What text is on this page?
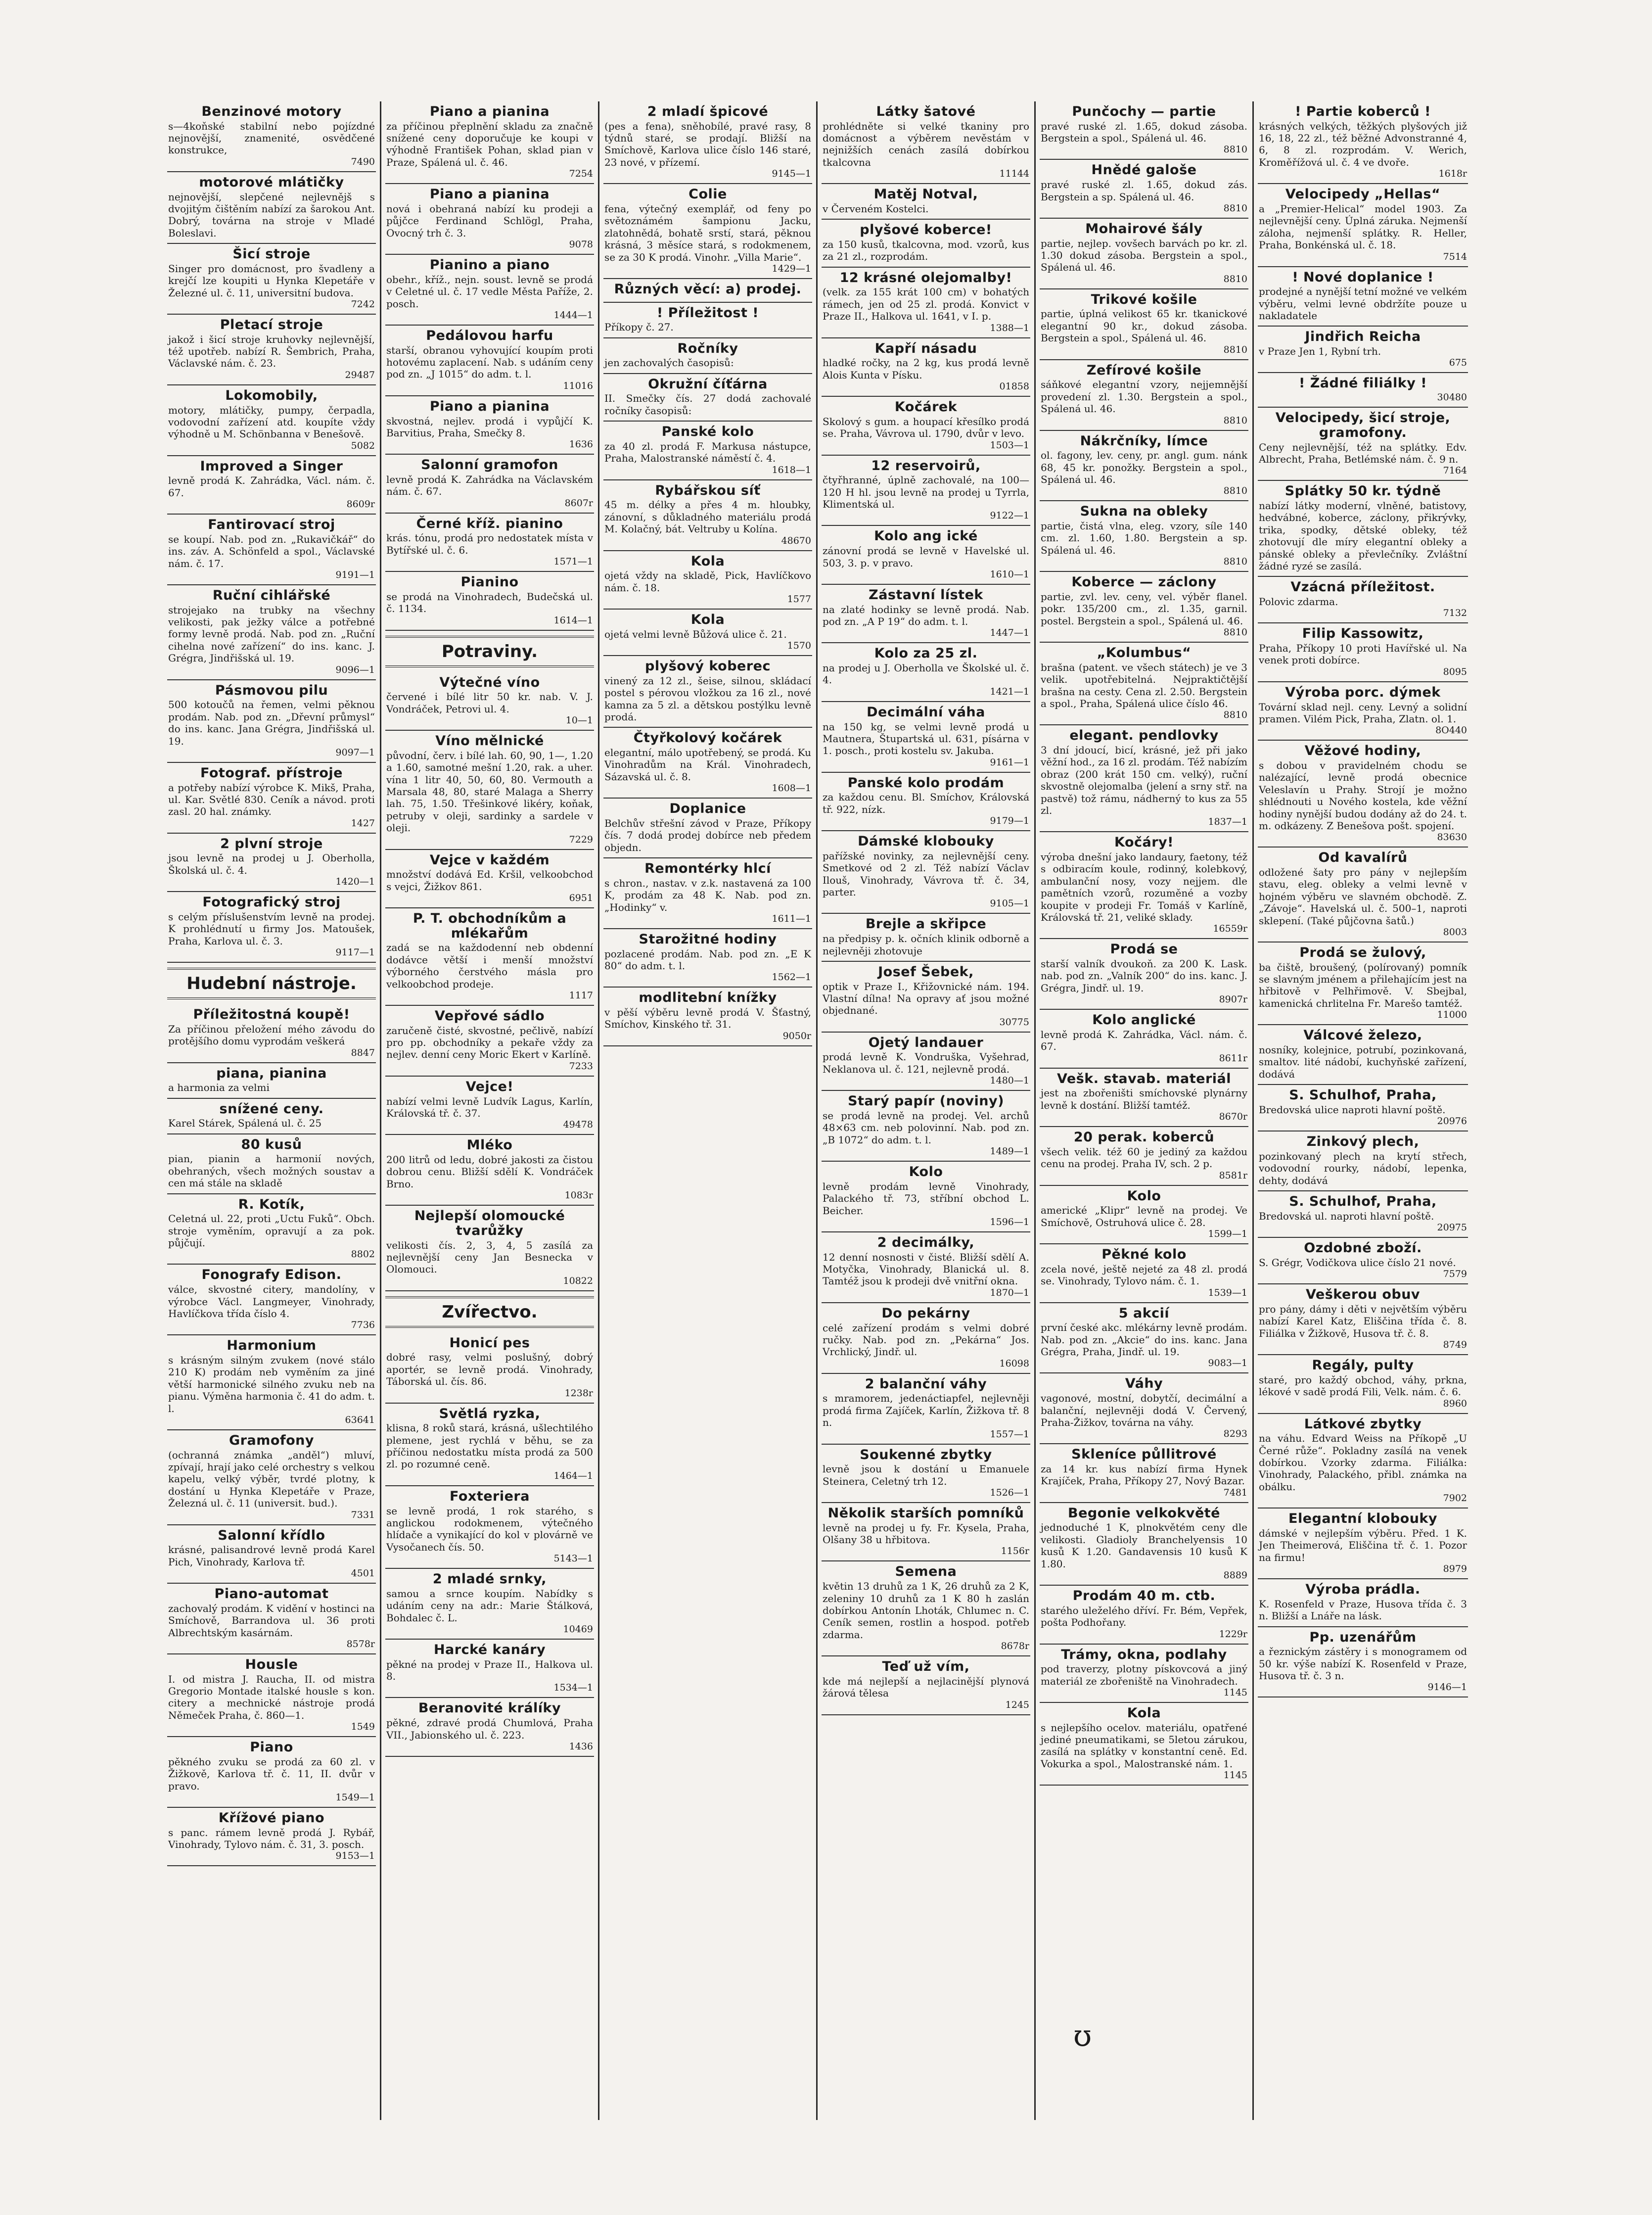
Benzinové motory

s—4koňské stabilní nebo pojízdné nejnovější, znamenité, osvědčené konstrukce,

7490
motorové mlátičky

nejnovější, slepčené nejlevnějš s dvojitým čištěním nabízí za šarokou Ant. Dobrý, továrna na stroje v Mladé Boleslavi.

Šicí stroje

Singer pro domácnost, pro švadleny a krejčí lze koupiti u Hynka Klepetáře v Železné ul. č. 11, universitní budova.

7242
Pletací stroje

jakož i šicí stroje kruhovky nejlevnější, též upotřeb. nabízí R. Šembrich, Praha, Václavské nám. č. 23.

29487
Lokomobily,

motory, mlátičky, pumpy, čerpadla, vodovodní zařízení atd. koupíte vždy výhodně u M. Schönbanna v Benešově.

5082
Improved a Singer

levně prodá K. Zahrádka, Václ. nám. č. 67.

8609r
Fantirovací stroj

se koupí. Nab. pod zn. „Rukavičkář“ do ins. záv. A. Schönfeld a spol., Václavské nám. č. 17.

9191—1
Ruční cihlářské

strojejako na trubky na všechny velikosti, pak ježky válce a potřebné formy levně prodá. Nab. pod zn. „Ruční cihelna nové zařízení“ do ins. kanc. J. Grégra, Jindřišská ul. 19.

9096—1
Pásmovou pilu

500 kotoučů na řemen, velmi pěknou prodám. Nab. pod zn. „Dřevní průmysl“ do ins. kanc. Jana Grégra, Jindřišská ul. 19.

9097—1
Fotograf. přístroje

a potřeby nabízí výrobce K. Mikš, Praha, ul. Kar. Světlé 830. Ceník a návod. proti zasl. 20 hal. známky.

1427
2 plvní stroje

jsou levně na prodej u J. Oberholla, Školská ul. č. 4.

1420—1
Fotografický stroj

s celým příslušenstvím levně na prodej. K prohlédnutí u firmy Jos. Matoušek, Praha, Karlova ul. č. 3.

9117—1
Hudební nástroje.
Příležitostná koupě!

Za příčinou přeložení mého závodu do protějšího domu vyprodám veškerá

8847
piana, pianina

a harmonia za velmi

snížené ceny.

Karel Stárek, Spálená ul. č. 25

80 kusů

pian, pianin a harmonií nových, obehraných, všech možných soustav a cen má stále na skladě

R. Kotík,

Celetná ul. 22, proti „Uctu Fuků“. Obch. stroje vyměním, opravují a za pok. půjčují.

8802
Fonografy Edison.

válce, skvostné citery, mandolíny, v výrobce Václ. Langmeyer, Vinohrady, Havlíčkova třída číslo 4.

7736
Harmonium

s krásným silným zvukem (nové stálo 210 K) prodám neb vyměním za jiné větší harmonické silného zvuku neb na pianu. Výměna harmonia č. 41 do adm. t. l.

63641
Gramofony

(ochranná známka „anděl“) mluví, zpívají, hrají jako celé orchestry s velkou kapelu, velký výběr, tvrdé plotny, k dostání u Hynka Klepetáře v Praze, Železná ul. č. 11 (universit. bud.).

7331
Salonní křídlo

krásné, palisandrové levně prodá Karel Pich, Vinohrady, Karlova tř.

4501
Piano-automat

zachovalý prodám. K vidění v hostinci na Smíchově, Barrandova ul. 36 proti Albrechtským kasárnám.

8578r
Housle

I. od mistra J. Raucha, II. od mistra Gregorio Montade italské housle s kon. citery a mechnické nástroje prodá Němeček Praha, č. 860—1.

1549
Piano

pěkného zvuku se prodá za 60 zl. v Žižkově, Karlova tř. č. 11, II. dvůr v pravo.

1549—1
Křížové piano

s panc. rámem levně prodá J. Rybář, Vinohrady, Tylovo nám. č. 31, 3. posch.

9153—1
Piano a pianina

za příčinou přeplnění skladu za značně snížené ceny doporučuje ke koupi v výhodně František Pohan, sklad pian v Praze, Spálená ul. č. 46.

7254
Piano a pianina

nová i obehraná nabízí ku prodeji a půjčce Ferdinand Schlögl, Praha, Ovocný trh č. 3.

9078
Pianino a piano

obehr., kříž., nejn. soust. levně se prodá v Celetné ul. č. 17 vedle Města Paříže, 2. posch.

1444—1
Pedálovou harfu

starší, obranou vyhovující koupím proti hotovému zaplacení. Nab. s udáním ceny pod zn. „J 1015“ do adm. t. l.

11016
Piano a pianina

skvostná, nejlev. prodá i vypůjčí K. Barvitius, Praha, Smečky 8.

1636
Salonní gramofon

levně prodá K. Zahrádka na Václavském nám. č. 67.

8607r
Černé kříž. pianino

krás. tónu, prodá pro nedostatek místa v Bytířské ul. č. 6.

1571—1
Pianino

se prodá na Vinohradech, Budečská ul. č. 1134.

1614—1
Potraviny.
Výtečné víno

červené i bílé litr 50 kr. nab. V. J. Vondráček, Petrovi ul. 4.

10—1
Víno mělnické

původní, červ. i bílé lah. 60, 90, 1—, 1.20 a 1.60, samotné mešní 1.20, rak. a uher. vína 1 litr 40, 50, 60, 80. Vermouth a Marsala 48, 80, staré Malaga a Sherry lah. 75, 1.50. Třešinkové likéry, koňak, petruby v oleji, sardinky a sardele v oleji.

7229
Vejce v každém

množství dodává Ed. Kršil, velkoobchod s vejci, Žižkov 861.

6951
P. T. obchodníkům a mlékařům

zadá se na každodenní neb obdenní dodávce větší i menší množství výborného čerstvého másla pro velkoobchod prodeje.

1117
Vepřové sádlo

zaručeně čisté, skvostné, pečlivě, nabízí pro pp. obchodníky a pekaře vždy za nejlev. denní ceny Moric Ekert v Karlíně.

7233
Vejce!

nabízí velmi levně Ludvík Lagus, Karlín, Královská tř. č. 37.

49478
Mléko

200 litrů od ledu, dobré jakosti za čistou dobrou cenu. Bližší sdělí K. Vondráček Brno.

1083r
Nejlepší olomoucké tvarůžky

velikosti čís. 2, 3, 4, 5 zasílá za nejlevnější ceny Jan Besnecka v Olomouci.

10822
Zvířectvo.
Honicí pes

dobré rasy, velmi poslušný, dobrý aportér, se levně prodá. Vinohrady, Táborská ul. čís. 86.

1238r
Světlá ryzka,

klisna, 8 roků stará, krásná, ušlechtilého plemene, jest rychlá v běhu, se za příčinou nedostatku místa prodá za 500 zl. po rozumné ceně.

1464—1
Foxteriera

se levně prodá, 1 rok starého, s anglickou rodokmenem, výtečného hlídače a vynikající do kol v plovárně ve Vysočanech čís. 50.

5143—1
2 mladé srnky,

samou a srnce koupím. Nabídky s udáním ceny na adr.: Marie Štálková, Bohdalec č. L.

10469
Harcké kanáry

pěkné na prodej v Praze II., Halkova ul. 8.

1534—1
Beranovité králíky

pěkné, zdravé prodá Chumlová, Praha VII., Jabionského ul. č. 223.

1436
2 mladí špicové

(pes a fena), sněhobílé, pravé rasy, 8 týdnů staré, se prodají. Bližší na Smíchově, Karlova ulice číslo 146 staré, 23 nové, v přízemí.

9145—1
Colie

fena, výtečný exemplář, od feny po světoznámém šampionu Jacku, zlatohnědá, bohatě srstí, stará, pěknou krásná, 3 měsíce stará, s rodokmenem, se za 30 K prodá. Vinohr. „Villa Marie“.

1429—1
Různých věcí: a) prodej.

! Příležitost !

Příkopy č. 27.

Ročníky

jen zachovalých časopisů:

Okružní číťárna

II. Smečky čís. 27 dodá zachovalé ročníky časopisů:

Panské kolo

za 40 zl. prodá F. Markusa nástupce, Praha, Malostranské náměstí č. 4.

1618—1
Rybářskou síť

45 m. délky a přes 4 m. hloubky, zánovní, s důkladného materiálu prodá M. Kolačný, bát. Veltruby u Kolína.

48670
Kola

ojetá vždy na skladě, Pick, Havlíčkovo nám. č. 18.

1577
Kola

ojetá velmi levně Bůžová ulice č. 21.

1570
plyšový koberec

vinený za 12 zl., šeise, silnou, skládací postel s pérovou vložkou za 16 zl., nové kamna za 5 zl. a dětskou postýlku levně prodá.

Čtyřkolový kočárek

elegantní, málo upotřebený, se prodá. Ku Vinohradům na Král. Vinohradech, Sázavská ul. č. 8.

1608—1
Doplanice

Belchův střešní závod v Praze, Příkopy čís. 7 dodá prodej dobírce neb předem objedn.

Remontérky hlcí

s chron., nastav. v z.k. nastavená za 100 K, prodám za 48 K. Nab. pod zn. „Hodinky“ v.

1611—1
Starožitné hodiny

pozlacené prodám. Nab. pod zn. „E K 80“ do adm. t. l.

1562—1
modlitební knížky

v pěší výběru levně prodá V. Šťastný, Smíchov, Kinského tř. 31.

9050r
Látky šatové

prohlédněte si velké tkaniny pro domácnost a výběrem nevěstám v nejnižších cenách zasílá dobírkou tkalcovna

11144
Matěj Notval,

v Červeném Kostelci.

plyšové koberce!

za 150 kusů, tkalcovna, mod. vzorů, kus za 21 zl., rozprodám.

12 krásné olejomalby!

(velk. za 155 krát 100 cm) v bohatých rámech, jen od 25 zl. prodá. Konvict v Praze II., Halkova ul. 1641, v I. p.

1388—1
Kapří násadu

hladké ročky, na 2 kg, kus prodá levně Alois Kunta v Písku.

01858
Kočárek

Skolový s gum. a houpací křesílko prodá se. Praha, Vávrova ul. 1790, dvůr v levo.

1503—1
12 reservoirů,

čtyřhranné, úplně zachovalé, na 100—120 H hl. jsou levně na prodej u Tyrrla, Klimentská ul.

9122—1
Kolo ang ické

zánovní prodá se levně v Havelské ul. 503, 3. p. v pravo.

1610—1
Zástavní lístek

na zlaté hodinky se levně prodá. Nab. pod zn. „A P 19“ do adm. t. l.

1447—1
Kolo za 25 zl.

na prodej u J. Oberholla ve Školské ul. č. 4.

1421—1
Decimální váha

na 150 kg, se velmi levně prodá u Mautnera, Štupartská ul. 631, písárna v 1. posch., proti kostelu sv. Jakuba.

9161—1
Panské kolo prodám

za každou cenu. Bl. Smíchov, Královská tř. 922, nízk.

9179—1
Dámské klobouky

pařížské novinky, za nejlevnější ceny. Smetkové od 2 zl. Též nabízí Václav Ilouš, Vinohrady, Vávrova tř. č. 34, parter.

9105—1
Brejle a skřipce

na předpisy p. k. očních klinik odborně a nejlevněji zhotovuje

Josef Šebek,

optik v Praze I., Křižovnické nám. 194. Vlastní dílna! Na opravy ať jsou možné objednané.

30775
Ojetý landauer

prodá levně K. Vondruška, Vyšehrad, Neklanova ul. č. 121, nejlevně prodá.

1480—1
Starý papír (noviny)

se prodá levně na prodej. Vel. archů 48×63 cm. neb polovinní. Nab. pod zn. „B 1072“ do adm. t. l.

1489—1
Kolo

levně prodám levně Vinohrady, Palackého tř. 73, stříbní obchod L. Beicher.

1596—1
2 decimálky,

12 denní nosnosti v čisté. Bližší sdělí A. Motyčka, Vinohrady, Blanická ul. 8. Tamtéž jsou k prodeji dvě vnitřní okna.

1870—1
Do pekárny

celé zařízení prodám s velmi dobré ručky. Nab. pod zn. „Pekárna“ Jos. Vrchlický, Jindř. ul.

16098
2 balanční váhy

s mramorem, jedenáctiapfel, nejlevněji prodá firma Zajíček, Karlín, Žižkova tř. 8 n.

1557—1
Soukenné zbytky

levně jsou k dostání u Emanuele Steinera, Celetný trh 12.

1526—1
Několik starších pomníků

levně na prodej u fy. Fr. Kysela, Praha, Olšany 38 u hřbitova.

1156r
Semena

květin 13 druhů za 1 K, 26 druhů za 2 K, zeleniny 10 druhů za 1 K 80 h zaslán dobírkou Antonín Lhoták, Chlumec n. C. Ceník semen, rostlin a hospod. potřeb zdarma.

8678r
Teď už vím,

kde má nejlepší a nejlacinější plynová žárová tělesa

1245
Punčochy — partie

pravé ruské zl. 1.65, dokud zásoba. Bergstein a spol., Spálená ul. 46.

8810
Hnědé galoše

pravé ruské zl. 1.65, dokud zás. Bergstein a sp. Spálená ul. 46.

8810
Mohairové šály

partie, nejlep. vovšech barvách po kr. zl. 1.30 dokud zásoba. Bergstein a spol., Spálená ul. 46.

8810
Trikové košile

partie, úplná velikost 65 kr. tkanickové elegantní 90 kr., dokud zásoba. Bergstein a spol., Spálená ul. 46.

8810
Zefírové košile

sáňkové elegantní vzory, nejjemnější provedení zl. 1.30. Bergstein a spol., Spálená ul. 46.

8810
Nákrčníky, límce

ol. fagony, lev. ceny, pr. angl. gum. nánk 68, 45 kr. ponožky. Bergstein a spol., Spálená ul. 46.

8810
Sukna na obleky

partie, čistá vlna, eleg. vzory, síle 140 cm. zl. 1.60, 1.80. Bergstein a sp. Spálená ul. 46.

8810
Koberce — záclony

partie, zvl. lev. ceny, vel. výběr flanel. pokr. 135/200 cm., zl. 1.35, garnil. postel. Bergstein a spol., Spálená ul. 46.

8810
„Kolumbus“

brašna (patent. ve všech státech) je ve 3 velik. upotřebitelná. Nejpraktičtější brašna na cesty. Cena zl. 2.50. Bergstein a spol., Praha, Spálená ulice číslo 46.

8810
elegant. pendlovky

3 dní jdoucí, bicí, krásné, jež při jako věžní hod., za 16 zl. prodám. Též nabízím obraz (200 krát 150 cm. velký), ruční skvostně olejomalba (jelení a srny stř. na pastvě) tož rámu, nádherný to kus za 55 zl.

1837—1
Kočáry!

výroba dnešní jako landaury, faetony, též s odbiracím koule, rodinný, kolebkový, ambulanční nosy, vozy nejjem. dle pamětních vzorů, rozuměné a vozby koupite v prodeji Fr. Tomáš v Karlíně, Královská tř. 21, veliké sklady.

16559r
Prodá se

starší valník dvoukoň. za 200 K. Lask. nab. pod zn. „Valník 200“ do ins. kanc. J. Grégra, Jindř. ul. 19.

8907r
Kolo anglické

levně prodá K. Zahrádka, Václ. nám. č. 67.

8611r
Vešk. stavab. materiál

jest na zbořeništi smíchovské plynárny levně k dostání. Bližší tamtéž.

8670r
20 perak. koberců

všech velik. též 60 je jediný za každou cenu na prodej. Praha IV, sch. 2 p.

8581r
Kolo

americké „Klipr“ levně na prodej. Ve Smíchově, Ostruhová ulice č. 28.

1599—1
Pěkné kolo

zcela nové, ještě nejeté za 48 zl. prodá se. Vinohrady, Tylovo nám. č. 1.

1539—1
5 akcií

první české akc. mlékárny levně prodám. Nab. pod zn. „Akcie“ do ins. kanc. Jana Grégra, Praha, Jindř. ul. 19.

9083—1
Váhy

vagonové, mostní, dobytčí, decimální a balanční, nejlevněji dodá V. Červený, Praha-Žižkov, továrna na váhy.

8293
Skleníce půllitrové

za 14 kr. kus nabízí firma Hynek Krajíček, Praha, Příkopy 27, Nový Bazar.

7481
Begonie velkokvěté

jednoduché 1 K, plnokvětém ceny dle velikosti. Gladioly Branchelyensis 10 kusů K 1.20. Gandavensis 10 kusů K 1.80.

8889
Prodám 40 m. ctb.

starého uleželého dříví. Fr. Bém, Vepřek, pošta Podhořany.

1229r
Trámy, okna, podlahy

pod traverzy, plotny pískovcová a jiný materiál ze zbořeniště na Vinohradech.

1145
Kola

s nejlepšího ocelov. materiálu, opatřené jediné pneumatikami, se 5letou zárukou, zasílá na splátky v konstantní ceně. Ed. Vokurka a spol., Malostranské nám. 1.

1145
! Partie koberců !

krásných velkých, těžkých plyšových již 16, 18, 22 zl., též běžné Advonstranné 4, 6, 8 zl. rozprodám. V. Werich, Kroměřížová ul. č. 4 ve dvoře.

1618r
Velocipedy „Hellas“

a „Premier-Helical“ model 1903. Za nejlevnější ceny. Úplná záruka. Nejmenší záloha, nejmenší splátky. R. Heller, Praha, Bonkénská ul. č. 18.

7514
! Nové doplanice !

prodejné a nynější tetní možné ve velkém výběru, velmi levné obdržíte pouze u nakladatele

Jindřich Reicha

v Praze Jen 1, Rybní trh.

675
! Žádné filiálky !

30480
Velocipedy, šicí stroje, gramofony.

Ceny nejlevnější, též na splátky. Edv. Albrecht, Praha, Betlémské nám. č. 9 n.

7164
Splátky 50 kr. týdně

nabízí látky moderní, vlněné, batistovy, hedvábné, koberce, záclony, přikrývky, trika, spodky, dětské obleky, též zhotovují dle míry elegantní obleky a pánské obleky a převlečníky. Zvláštní žádné ryzé se zasílá.

Vzácná příležitost.

Polovic zdarma.

7132
Filip Kassowitz,

Praha, Příkopy 10 proti Havířské ul. Na venek proti dobírce.

8095
Výroba porc. dýmek

Tovární sklad nejl. ceny. Levný a solidní pramen. Vilém Pick, Praha, Zlatn. ol. 1.

8O440
Věžové hodiny,

s dobou v pravidelném chodu se nalézající, levně prodá obecnice Veleslavín u Prahy. Strojí je možno shlédnouti u Nového kostela, kde věžní hodiny nynější budou dodány až do 24. t. m. odkázeny. Z Benešova pošt. spojení.

83630
Od kavalírů

odložené šaty pro pány v nejlepším stavu, eleg. obleky a velmi levně v hojném výběru ve slavném obchodě. Z. „Závoje“. Havelská ul. č. 500–1, naproti sklepení. (Také půjčovna šatů.)

8003
Prodá se žulový,

ba čiště, broušený, (polírovaný) pomník se slavným jménem a přilehajícím jest na hřbitově v Pelhřimově. V. Sbejbal, kamenická chrlitelna Fr. Marešo tamtéž.

11000
Válcové železo,

nosníky, kolejnice, potrubí, pozinkovaná, smaltov. lité nádobí, kuchyňské zařízení, dodává

S. Schulhof, Praha,

Bredovská ulice naproti hlavní poště.

20976
Zinkový plech,

pozinkovaný plech na krytí střech, vodovodní rourky, nádobí, lepenka, dehty, dodává

S. Schulhof, Praha,

Bredovská ul. naproti hlavní poště.

20975
Ozdobné zboží.

S. Grégr, Vodičkova ulice číslo 21 nové.

7579
Veškerou obuv

pro pány, dámy i děti v největším výběru nabízí Karel Katz, Eliščina třída č. 8. Filiálka v Žižkově, Husova tř. č. 8.

8749
Regály, pulty

staré, pro každý obchod, váhy, prkna, lékové v sadě prodá Fili, Velk. nám. č. 6.

8960
Látkové zbytky

na váhu. Edvard Weiss na Příkopě „U Černé růže“. Pokladny zasílá na venek dobírkou. Vzorky zdarma. Filiálka: Vinohrady, Palackého, přibl. známka na obálku.

7902
Elegantní klobouky

dámské v nejlepším výběru. Před. 1 K. Jen Theimerová, Eliščina tř. č. 1. Pozor na firmu!

8979
Výroba prádla.

K. Rosenfeld v Praze, Husova třída č. 3 n. Bližší a Lnáře na lásk.

Pp. uzenářům

a řeznickým zástěry i s monogramem od 50 kr. výše nabízí K. Rosenfeld v Praze, Husova tř. č. 3 n.

9146—1
ʊ
